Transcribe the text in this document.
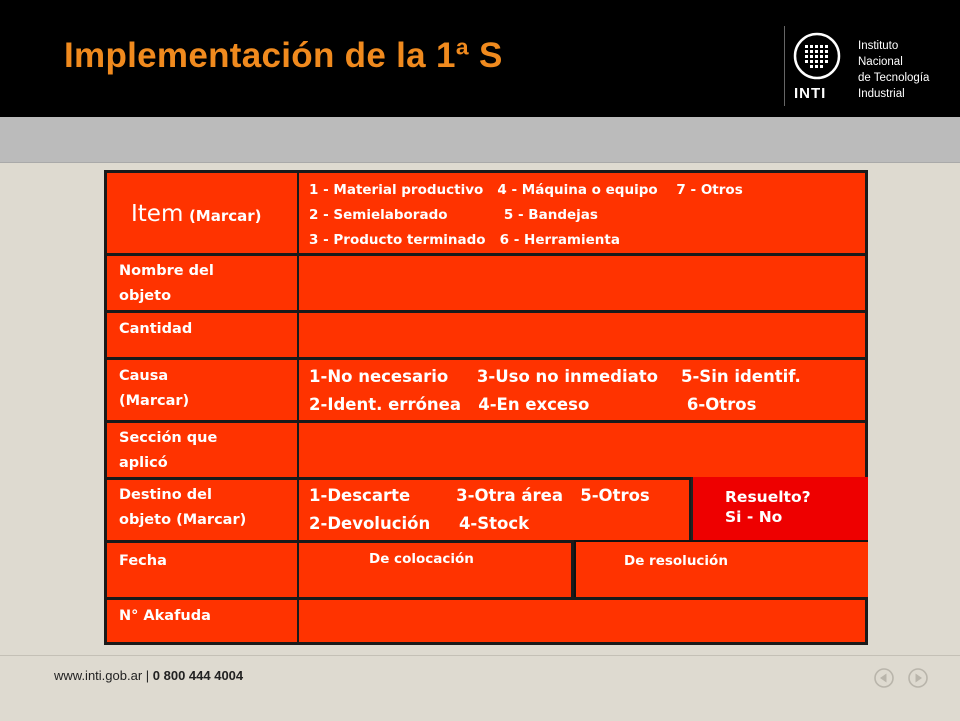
Implementación de la 1ª S
INTI
Instituto
Nacional
de Tecnología
Industrial
Item (Marcar)
1 - Material productivo   4 - Máquina o equipo    7 - Otros
2 - Semielaborado            5 - Bandejas
3 - Producto terminado   6 - Herramienta
Nombre del
objeto
Cantidad
Causa
(Marcar)
1-No necesario     3-Uso no inmediato    5-Sin identif.
2-Ident. errónea   4-En exceso                 6-Otros
Sección que
aplicó
Destino del
objeto (Marcar)
1-Descarte        3-Otra área   5-Otros
2-Devolución     4-Stock
Resuelto?
Si - No
Fecha	De colocación	De resolución
N° Akafuda
www.inti.gob.ar | 0 800 444 4004
